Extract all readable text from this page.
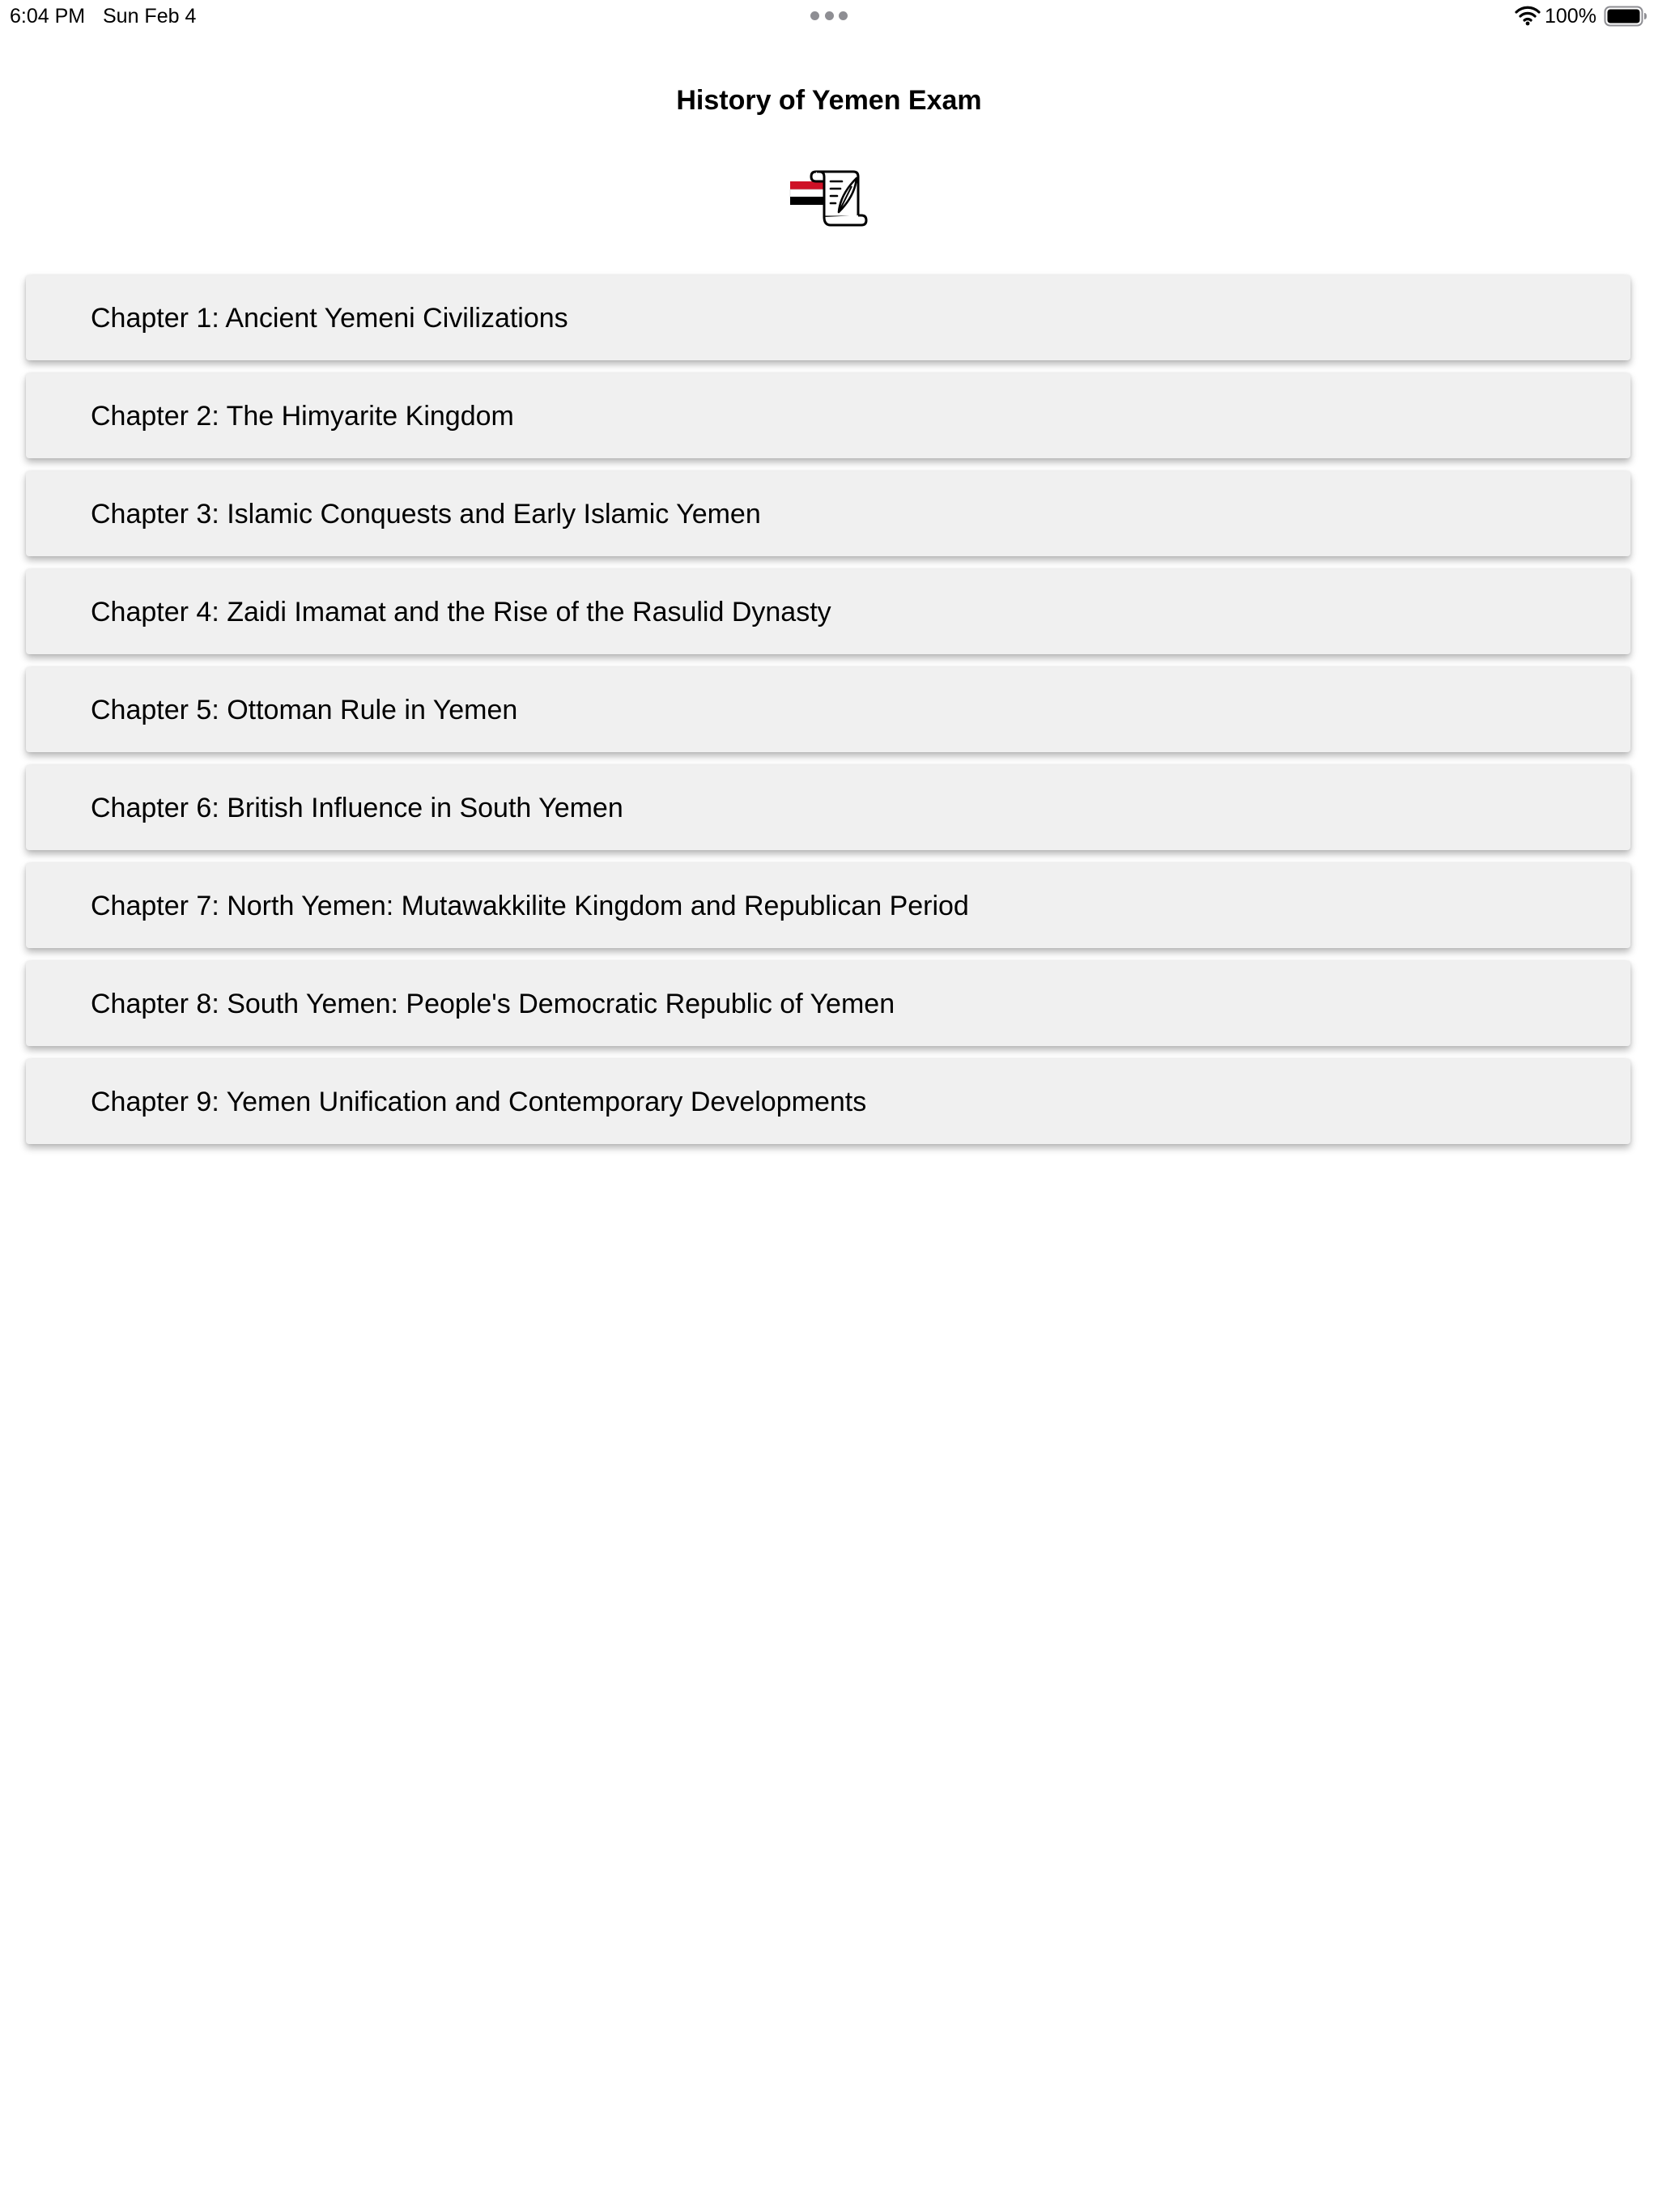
6:04 PM Sun Feb 4	100%
History of Yemen Exam
Chapter 1: Ancient Yemeni Civilizations
Chapter 2: The Himyarite Kingdom
Chapter 3: Islamic Conquests and Early Islamic Yemen
Chapter 4: Zaidi Imamat and the Rise of the Rasulid Dynasty
Chapter 5: Ottoman Rule in Yemen
Chapter 6: British Influence in South Yemen
Chapter 7: North Yemen: Mutawakkilite Kingdom and Republican Period
Chapter 8: South Yemen: People's Democratic Republic of Yemen
Chapter 9: Yemen Unification and Contemporary Developments
